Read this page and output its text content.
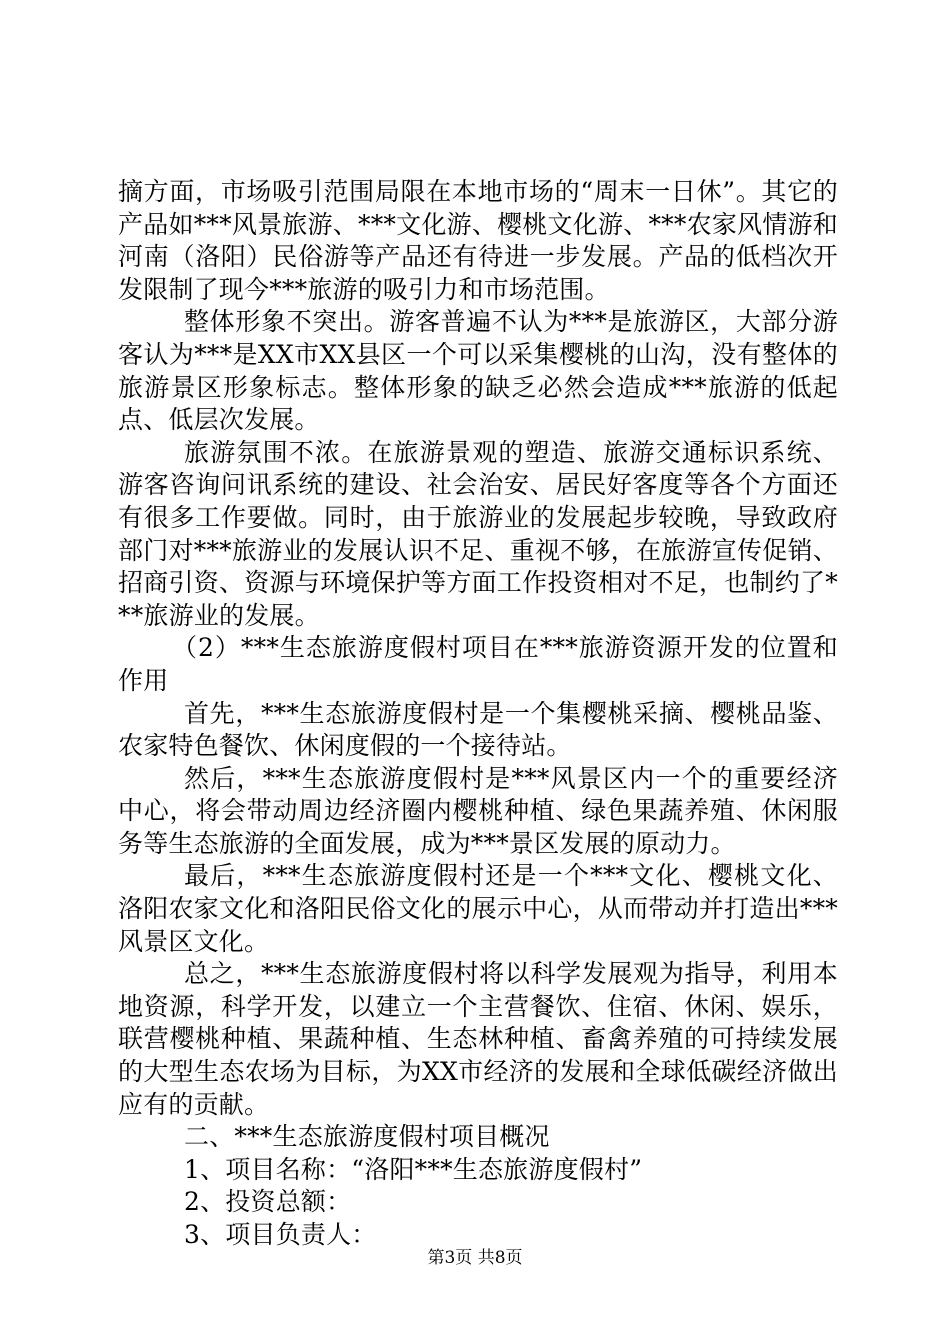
摘方面，市场吸引范围局限在本地市场的“周末一日休”。其它的产品如***风景旅游、***文化游、樱桃文化游、***农家风情游和河南（洛阳）民俗游等产品还有待进一步发展。产品的低档次开发限制了现今***旅游的吸引力和市场范围。

整体形象不突出。游客普遍不认为***是旅游区，大部分游客认为***是XX市XX县区一个可以采集樱桃的山沟，没有整体的旅游景区形象标志。整体形象的缺乏必然会造成***旅游的低起点、低层次发展。

旅游氛围不浓。在旅游景观的塑造、旅游交通标识系统、游客咨询问讯系统的建设、社会治安、居民好客度等各个方面还有很多工作要做。同时，由于旅游业的发展起步较晚，导致政府部门对***旅游业的发展认识不足、重视不够，在旅游宣传促销、招商引资、资源与环境保护等方面工作投资相对不足，也制约了***旅游业的发展。

（2）***生态旅游度假村项目在***旅游资源开发的位置和作用

首先，***生态旅游度假村是一个集樱桃采摘、樱桃品鉴、农家特色餐饮、休闲度假的一个接待站。

然后，***生态旅游度假村是***风景区内一个的重要经济中心，将会带动周边经济圈内樱桃种植、绿色果蔬养殖、休闲服务等生态旅游的全面发展，成为***景区发展的原动力。

最后，***生态旅游度假村还是一个***文化、樱桃文化、洛阳农家文化和洛阳民俗文化的展示中心，从而带动并打造出***风景区文化。

总之，***生态旅游度假村将以科学发展观为指导，利用本地资源，科学开发，以建立一个主营餐饮、住宿、休闲、娱乐，联营樱桃种植、果蔬种植、生态林种植、畜禽养殖的可持续发展的大型生态农场为目标，为XX市经济的发展和全球低碳经济做出应有的贡献。

二、***生态旅游度假村项目概况

1、项目名称：“洛阳***生态旅游度假村”

2、投资总额：

3、项目负责人：

第3页 共8页
